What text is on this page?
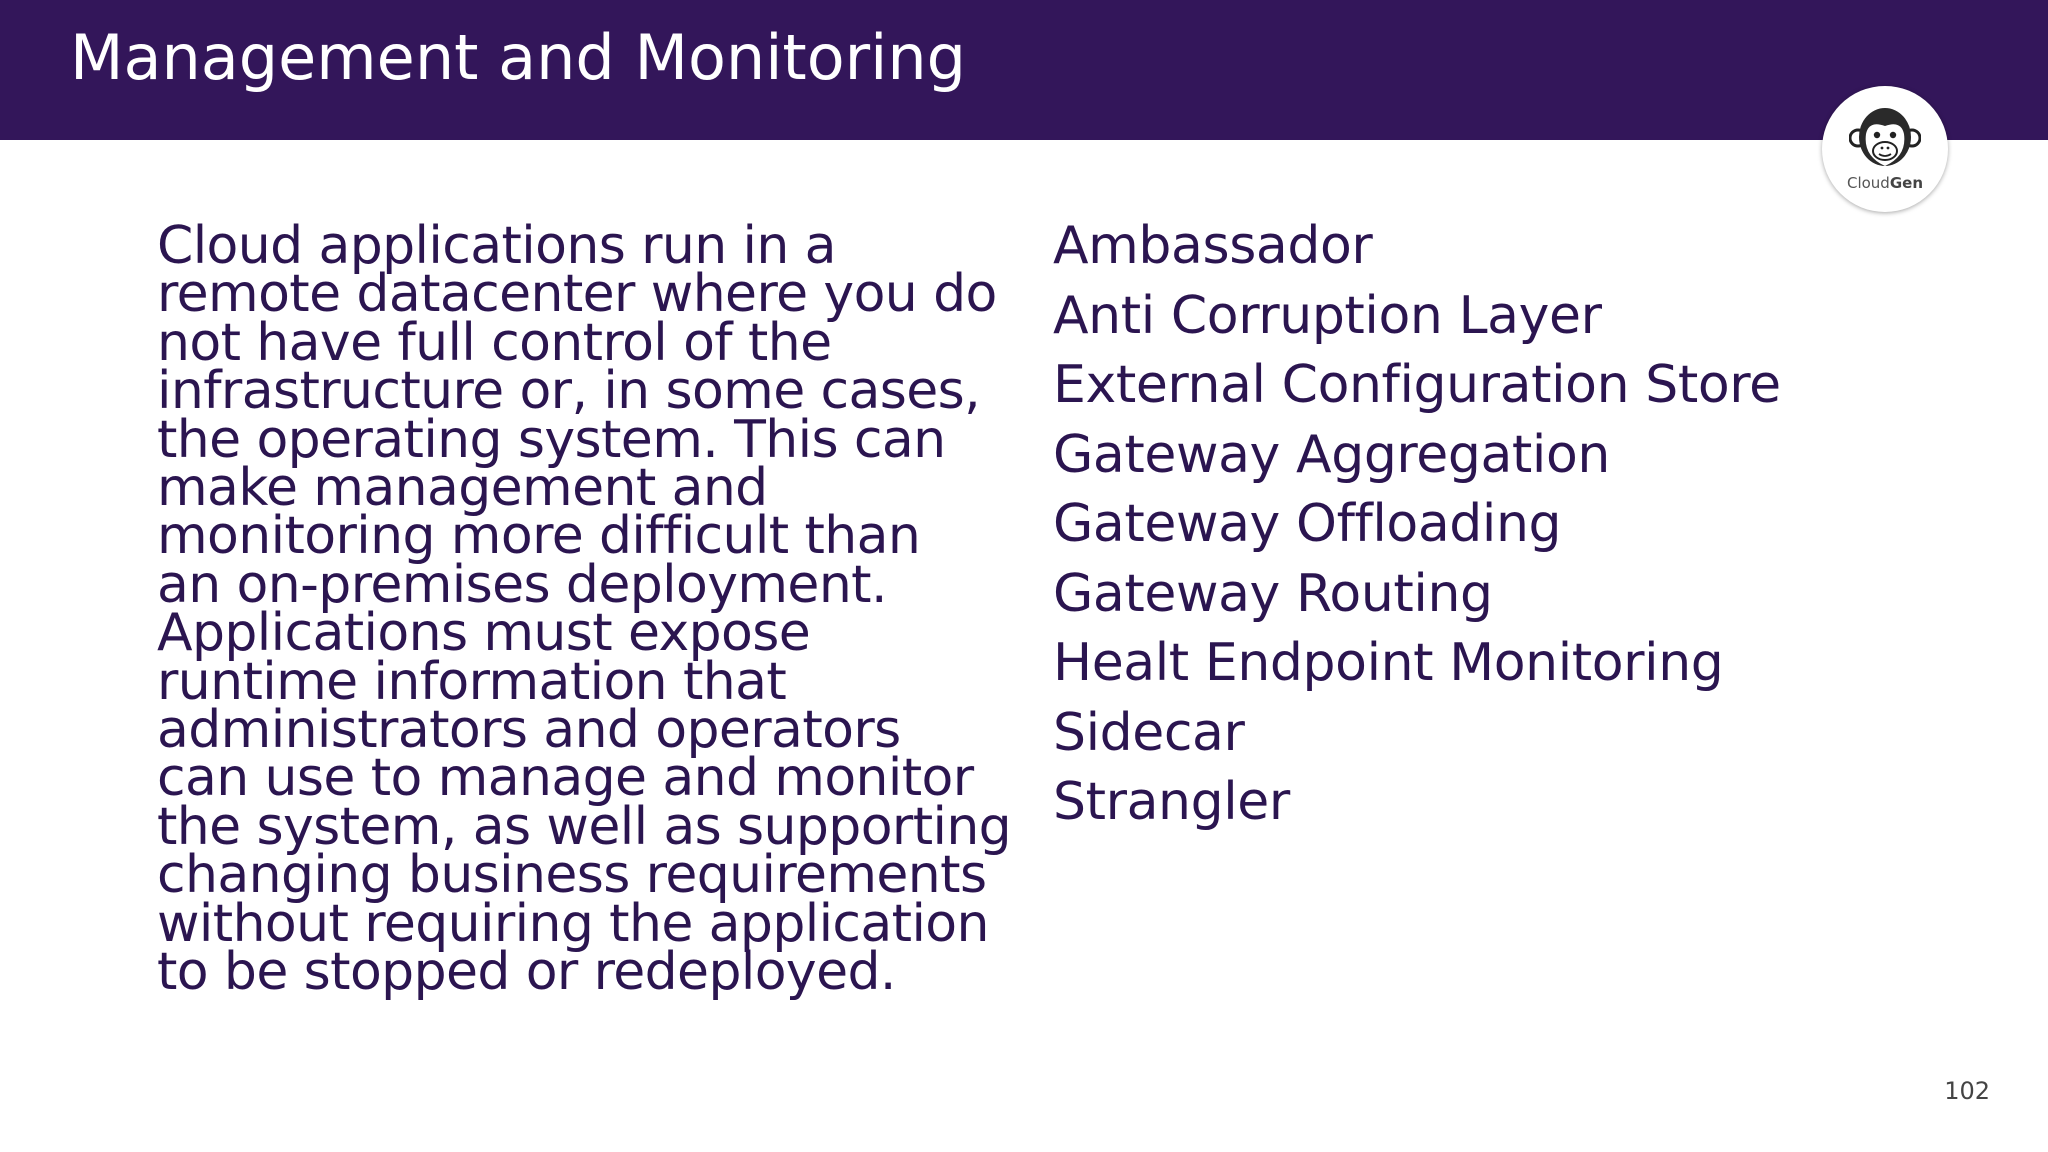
Management and Monitoring
CloudGen

Cloud applications run in a
remote datacenter where you do
not have full control of the
infrastructure or, in some cases,
the operating system. This can
make management and
monitoring more difficult than
an on-premises deployment.
Applications must expose
runtime information that
administrators and operators
can use to manage and monitor
the system, as well as supporting
changing business requirements
without requiring the application
to be stopped or redeployed.

Ambassador
Anti Corruption Layer
External Configuration Store
Gateway Aggregation
Gateway Offloading
Gateway Routing
Healt Endpoint Monitoring
Sidecar
Strangler
102
